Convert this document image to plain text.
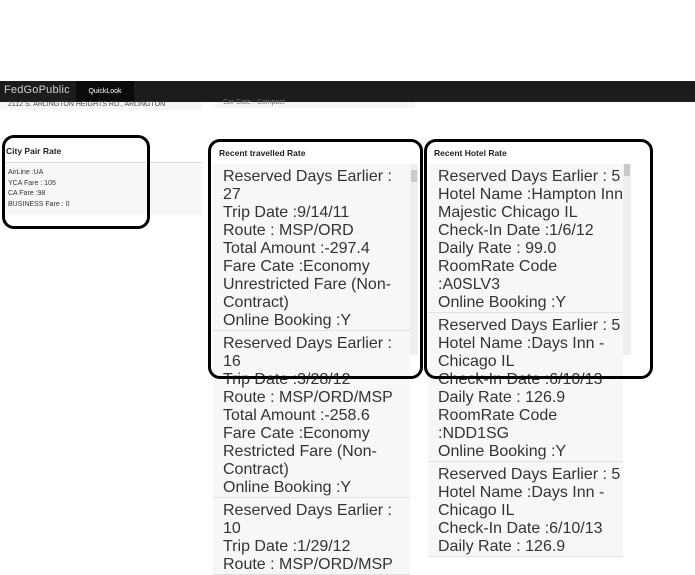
FedGoPublic	QuickLook
2112 S. ARLINGTON HEIGHTS RD., ARLINGTON	Car Cate : Compact
City Pair Rate
AirLine :UA
YCA Fare : 105
CA Fare :98
BUSINESS Fare : 0
Recent travelled Rate
Reserved Days Earlier : 27
Trip Date :9/14/11
Route : MSP/ORD
Total Amount :-297.4
Fare Cate :Economy Unrestricted Fare (Non-Contract)
Online Booking :Y
Reserved Days Earlier : 16
Trip Date :3/28/12
Route : MSP/ORD/MSP
Total Amount :-258.6
Fare Cate :Economy Restricted Fare (Non-Contract)
Online Booking :Y
Reserved Days Earlier : 10
Trip Date :1/29/12
Route : MSP/ORD/MSP
Recent Hotel Rate
Reserved Days Earlier : 5
Hotel Name :Hampton Inn Majestic Chicago IL
Check-In Date :1/6/12
Daily Rate : 99.0
RoomRate Code :A0SLV3
Online Booking :Y
Reserved Days Earlier : 5
Hotel Name :Days Inn - Chicago IL
Check-In Date :6/10/13
Daily Rate : 126.9
RoomRate Code :NDD1SG
Online Booking :Y
Reserved Days Earlier : 5
Hotel Name :Days Inn - Chicago IL
Check-In Date :6/10/13
Daily Rate : 126.9
